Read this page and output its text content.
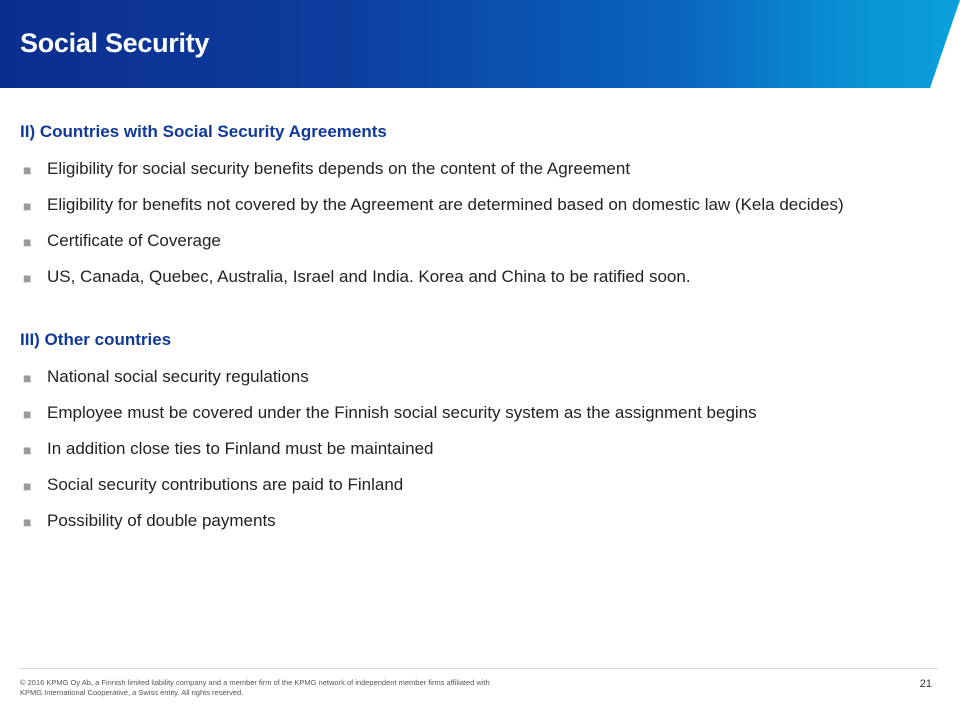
Social Security
II) Countries with Social Security Agreements
■ Eligibility for social security benefits depends on the content of the Agreement
■ Eligibility for benefits not covered by the Agreement are determined based on domestic law (Kela decides)
■ Certificate of Coverage
■ US, Canada, Quebec, Australia, Israel and India. Korea and China to be ratified soon.
III) Other countries
■ National social security regulations
■ Employee must be covered under the Finnish social security system as the assignment begins
■ In addition close ties to Finland must be maintained
■ Social security contributions are paid to Finland
■ Possibility of double payments
© 2016 KPMG Oy Ab, a Finnish limited liability company and a member firm of the KPMG network of independent member firms affiliated with
KPMG International Cooperative, a Swiss entity. All rights reserved.
21
